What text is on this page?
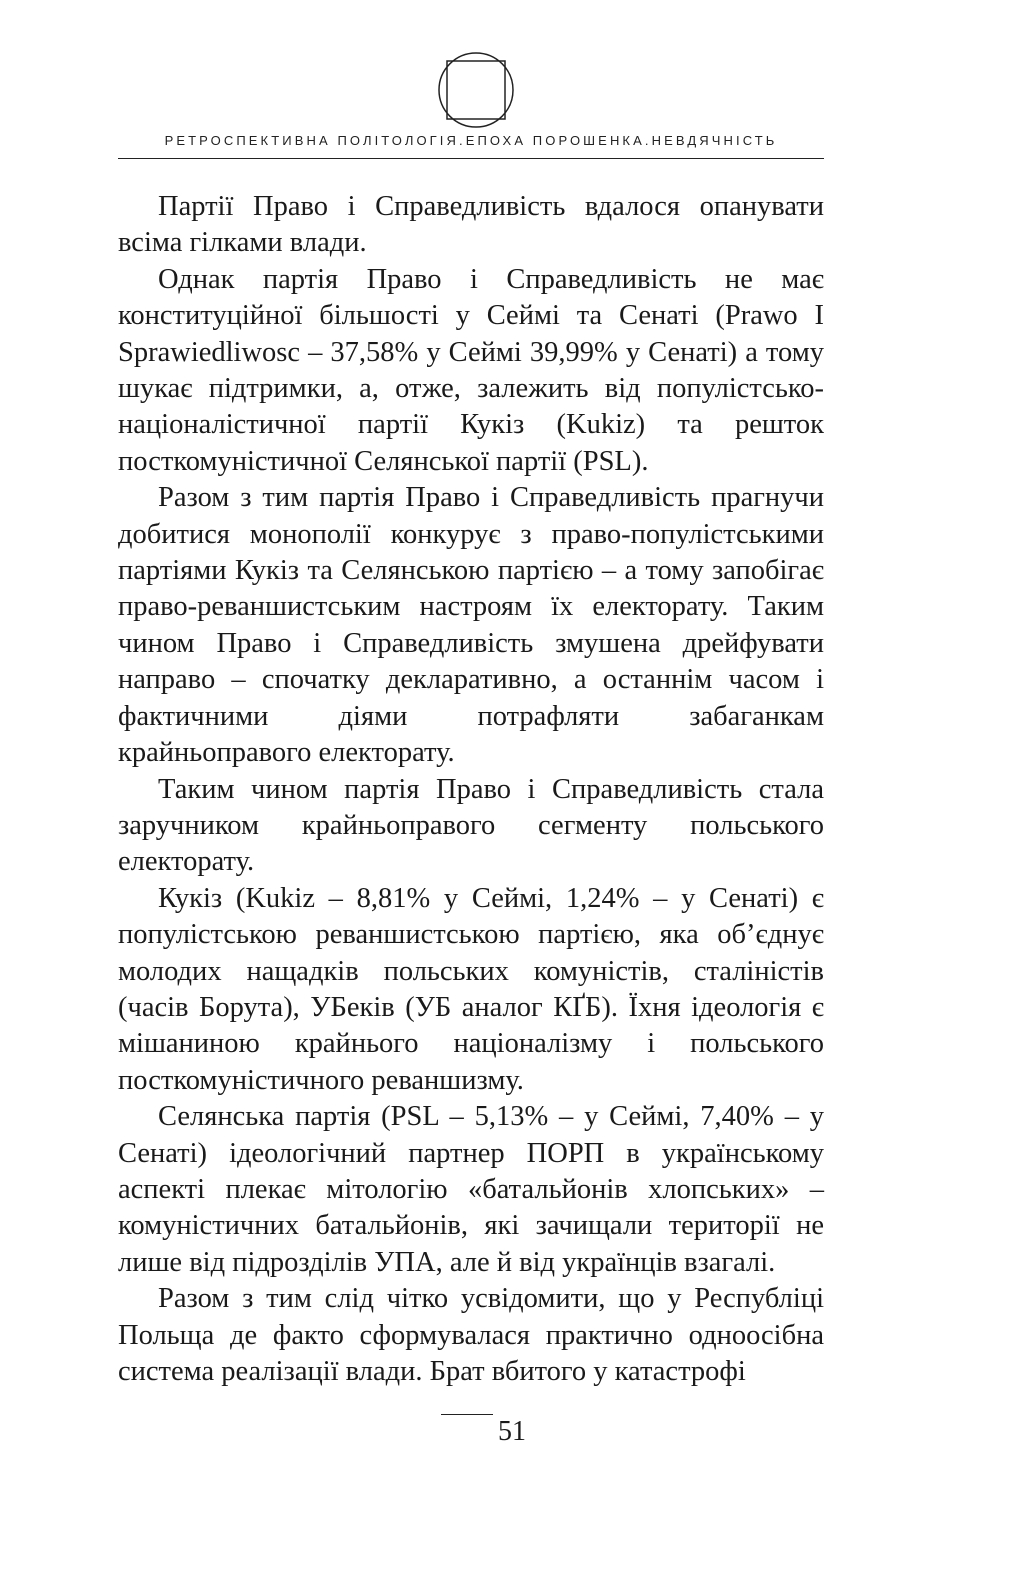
РЕТРОСПЕКТИВНА ПОЛІТОЛОГІЯ.ЕПОХА ПОРОШЕНКА.НЕВДЯЧНІСТЬ

Партії Право і Справедливість вдалося опанувати всіма гілками влади.

Однак партія Право і Справедливість не має конституційної більшості у Сеймі та Сенаті (Prawo I Sprawiedliwosc – 37,58% у Сеймі 39,99% у Сенаті) а тому шукає підтримки, а, отже, залежить від популістсько-націоналістичної партії Кукіз (Kukiz) та решток посткомуністичної Селянської партії (PSL).

Разом з тим партія Право і Справедливість прагнучи добитися монополії конкурує з право-популістськими партіями Кукіз та Селянською партією – а тому запобігає право-реваншистським настроям їх електорату. Таким чином Право і Справедливість змушена дрейфувати направо – спочатку декларативно, а останнім часом і фактичними діями потрафляти забаганкам крайньоправого електорату.

Таким чином партія Право і Справедливість стала заручником крайньоправого сегменту польського електорату.

Кукіз (Kukiz – 8,81% у Сеймі, 1,24% – у Сенаті) є популістською реваншистською партією, яка об’єднує молодих нащадків польських комуністів, сталіністів (часів Борута), УБеків (УБ аналог КҐБ). Їхня ідеологія є мішаниною крайнього націоналізму і польського посткомуністичного реваншизму.

Селянська партія (PSL – 5,13% – у Сеймі, 7,40% – у Сенаті) ідеологічний партнер ПОРП в українському аспекті плекає мітологію «батальйонів хлопських» – комуністичних батальйонів, які зачищали території не лише від підрозділів УПА, але й від українців взагалі.

Разом з тим слід чітко усвідомити, що у Республіці Польща де факто сформувалася практично одноосібна система реалізації влади. Брат вбитого у катастрофі

51
